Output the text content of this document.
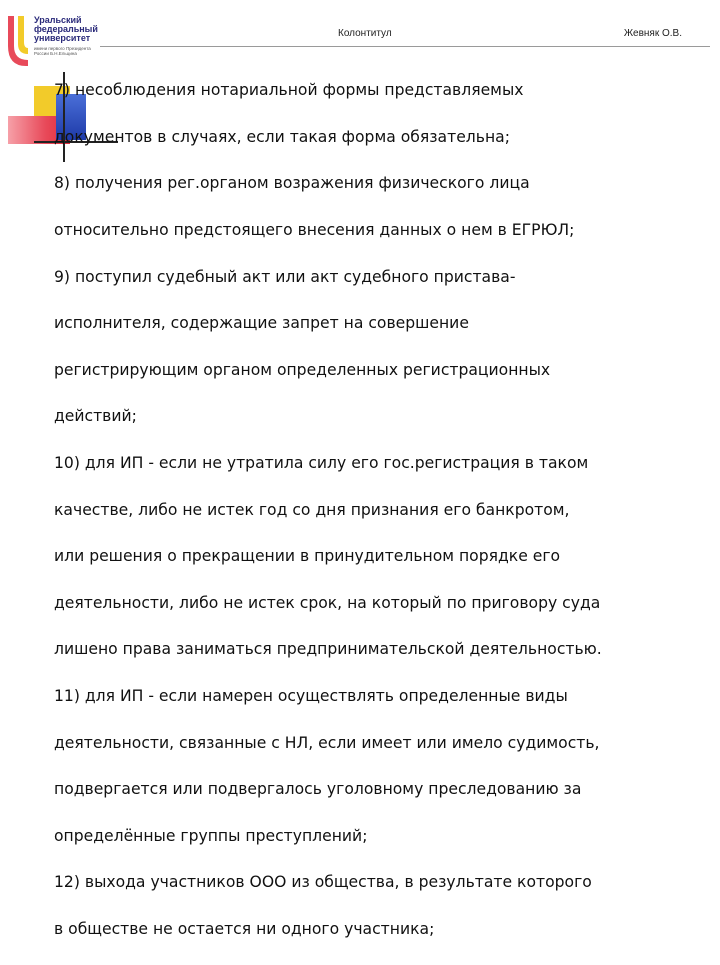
Уральский
федеральный
университет
имени первого Президента России Б.Н.Ельцина
Колонтитул	Жевняк О.В.

7) несоблюдения нотариальной формы представляемых

документов в случаях, если такая форма обязательна;

8) получения рег.органом возражения физического лица

относительно предстоящего внесения данных о нем в ЕГРЮЛ;

9) поступил судебный акт или акт судебного пристава-

исполнителя, содержащие запрет на совершение

регистрирующим органом определенных регистрационных

действий;

10) для ИП - если не утратила силу его гос.регистрация в таком

качестве, либо не истек год со дня признания его банкротом,

или решения о прекращении в принудительном порядке его

деятельности, либо не истек срок, на который по приговору суда

лишено права заниматься предпринимательской деятельностью.

11) для ИП - если намерен осуществлять определенные виды

деятельности, связанные с НЛ, если имеет или имело судимость,

подвергается или подвергалось уголовному преследованию за

определённые группы преступлений;

12) выхода участников ООО из общества, в результате которого

в обществе не остается ни одного участника;
